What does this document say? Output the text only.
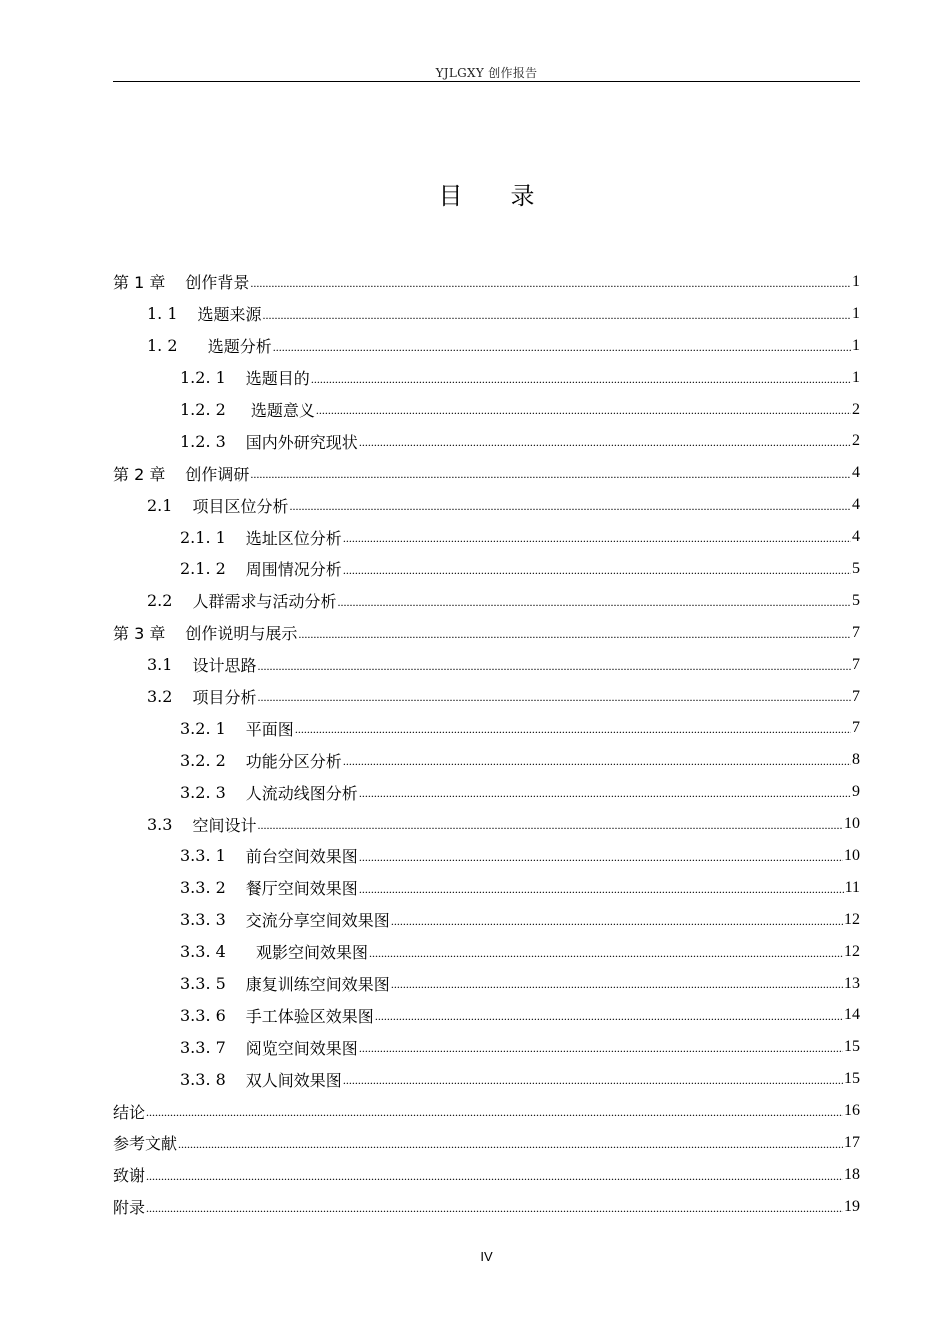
YJLGXY 创作报告
目录
第 1 章 创作背景 .....	1
1. 1 选题来源 .....	1
1. 2 选题分析 .....	1
1.2. 1 选题目的 .....	1
1.2. 2 选题意义 .....	2
1.2. 3 国内外研究现状 .....	2
第 2 章 创作调研 .....	4
2.1 项目区位分析 .....	4
2.1. 1 选址区位分析 .....	4
2.1. 2 周围情况分析 .....	5
2.2 人群需求与活动分析 .....	5
第 3 章 创作说明与展示 .....	7
3.1 设计思路 .....	7
3.2 项目分析 .....	7
3.2. 1 平面图 .....	7
3.2. 2 功能分区分析 .....	8
3.2. 3 人流动线图分析 .....	9
3.3 空间设计 .....	10
3.3. 1 前台空间效果图 .....	10
3.3. 2 餐厅空间效果图 .....	11
3.3. 3 交流分享空间效果图 .....	12
3.3. 4 观影空间效果图 .....	12
3.3. 5 康复训练空间效果图 .....	13
3.3. 6 手工体验区效果图 .....	14
3.3. 7 阅览空间效果图 .....	15
3.3. 8 双人间效果图 .....	15
结论 .....	16
参考文献 .....	17
致谢 .....	18
附录 .....	19
IV
